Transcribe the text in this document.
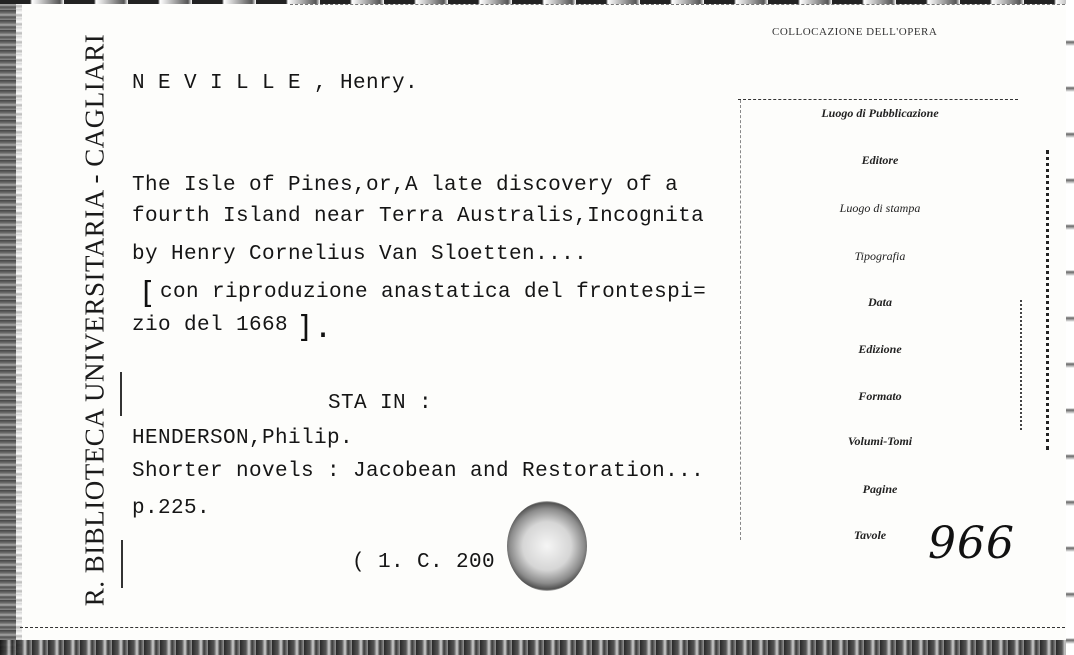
R. BIBLIOTECA UNIVERSITARIA - CAGLIARI
COLLOCAZIONE DELL'OPERA
N E V I L L E , Henry.
The Isle of Pines,or,A late discovery of a
fourth Island near Terra Australis,Incognita
by Henry Cornelius Van Sloetten....
[ con riproduzione anastatica del frontespi=
zio del 1668 ].
STA IN :
HENDERSON,Philip.
Shorter novels : Jacobean and Restoration...
p.225.
( 1. C. 200
Luogo di Pubblicazione
Editore
Luogo di stampa
Tipografia
Data
Edizione
Formato
Volumi-Tomi
Pagine
Tavole 966
